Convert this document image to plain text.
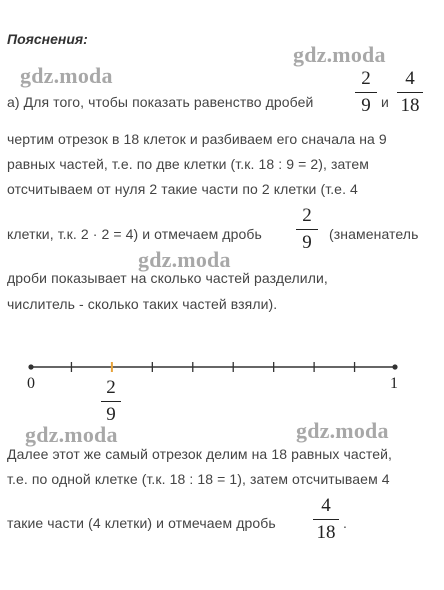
Пояснения:
gdz.moda
gdz.moda
gdz.moda
gdz.moda	gdz.moda
а) Для того, чтобы показать равенство дробей
2
9 и
4
18
чертим отрезок в 18 клеток и разбиваем его сначала на 9
равных частей, т.е. по две клетки (т.к. 18 : 9 = 2), затем
отсчитываем от нуля 2 такие части по 2 клетки (т.е. 4
клетки, т.к. 2 · 2 = 4) и отмечаем дробь
2
9	(знаменатель
дроби показывает на сколько частей разделили,
числитель - сколько таких частей взяли).
0	1
2
9
Далее этот же самый отрезок делим на 18 равных частей,
т.е. по одной клетке (т.к. 18 : 18 = 1), затем отсчитываем 4
такие части (4 клетки) и отмечаем дробь
4
18 .
